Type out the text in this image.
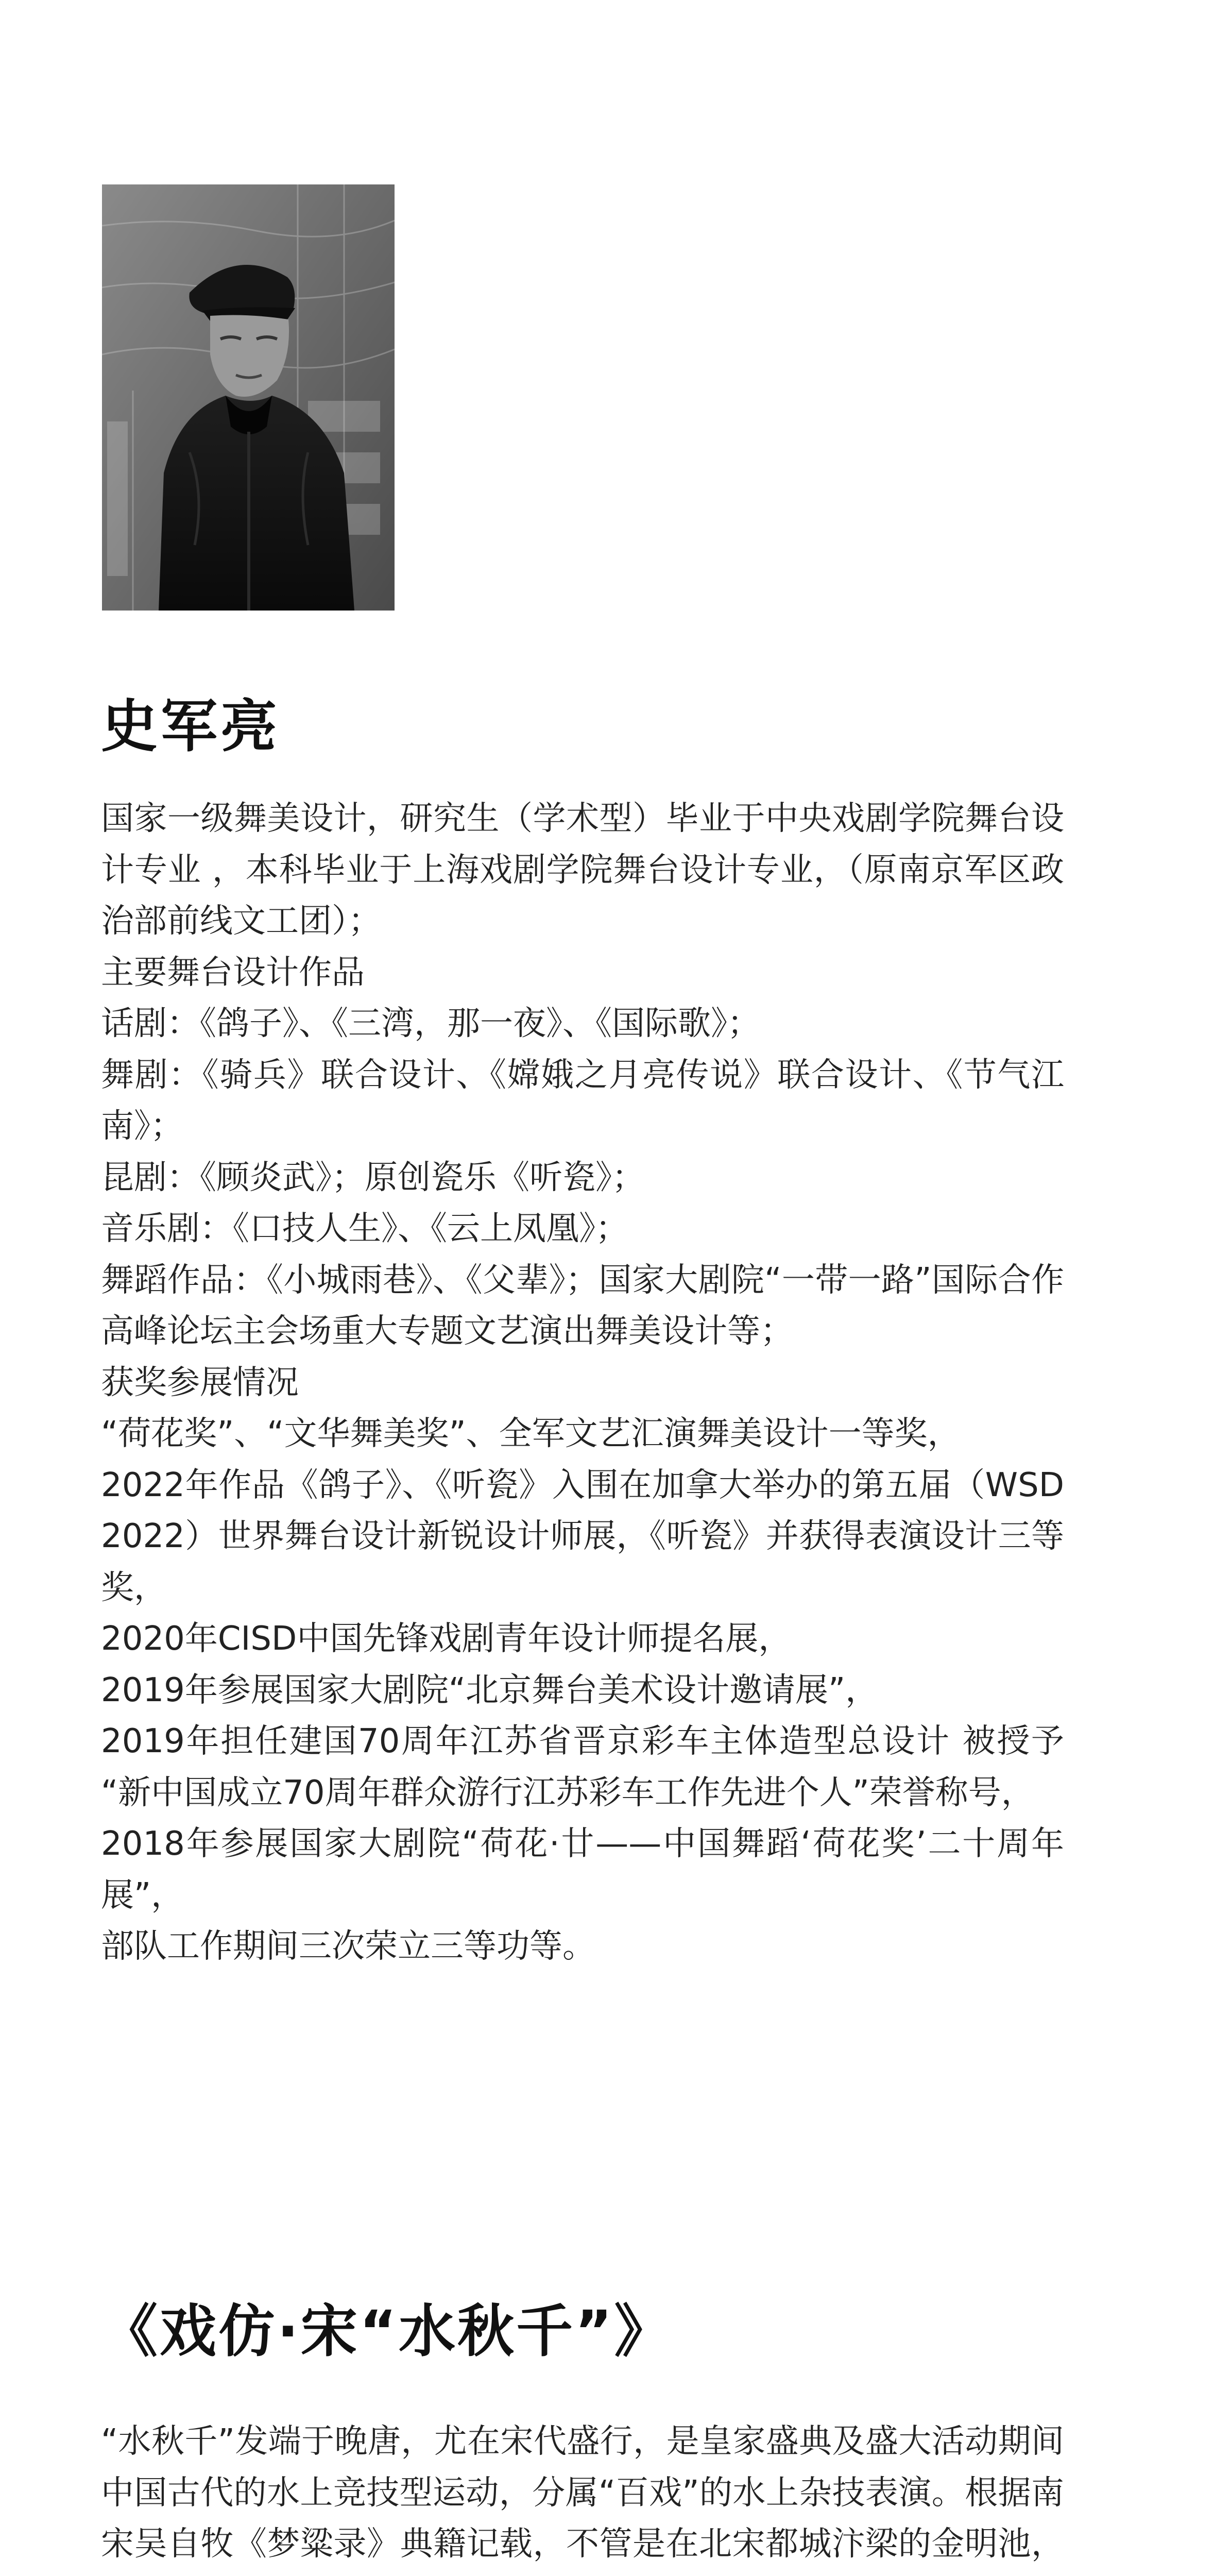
史军亮
国家一级舞美设计，研究生（学术型）毕业于中央戏剧学院舞台设计专业 ，本科毕业于上海戏剧学院舞台设计专业，（原南京军区政治部前线文工团）；
主要舞台设计作品
话剧：《鸽子》、《三湾，那一夜》、《国际歌》；
舞剧：《骑兵》联合设计、《嫦娥之月亮传说》联合设计、《节气江南》；
昆剧：《顾炎武》；原创瓷乐《听瓷》；
音乐剧：《口技人生》、《云上凤凰》；
舞蹈作品：《小城雨巷》、《父辈》；国家大剧院“一带一路”国际合作高峰论坛主会场重大专题文艺演出舞美设计等；
获奖参展情况
“荷花奖”、“文华舞美奖”、全军文艺汇演舞美设计一等奖，
2022年作品《鸽子》、《听瓷》入围在加拿大举办的第五届（WSD2022）世界舞台设计新锐设计师展，《听瓷》并获得表演设计三等奖，
2020年CISD中国先锋戏剧青年设计师提名展，
2019年参展国家大剧院“北京舞台美术设计邀请展”，
2019年担任建国70周年江苏省晋京彩车主体造型总设计 被授予 “新中国成立70周年群众游行江苏彩车工作先进个人”荣誉称号，
2018年参展国家大剧院“荷花·廿——中国舞蹈‘荷花奖’二十周年展”，
部队工作期间三次荣立三等功等。
《戏仿·宋“水秋千”》
“水秋千”发端于晚唐，尤在宋代盛行，是皇家盛典及盛大活动期间中国古代的水上竞技型运动，分属“百戏”的水上杂技表演。根据南宋吴自牧《梦粱录》典籍记载，不管是在北宋都城汴梁的金明池，
